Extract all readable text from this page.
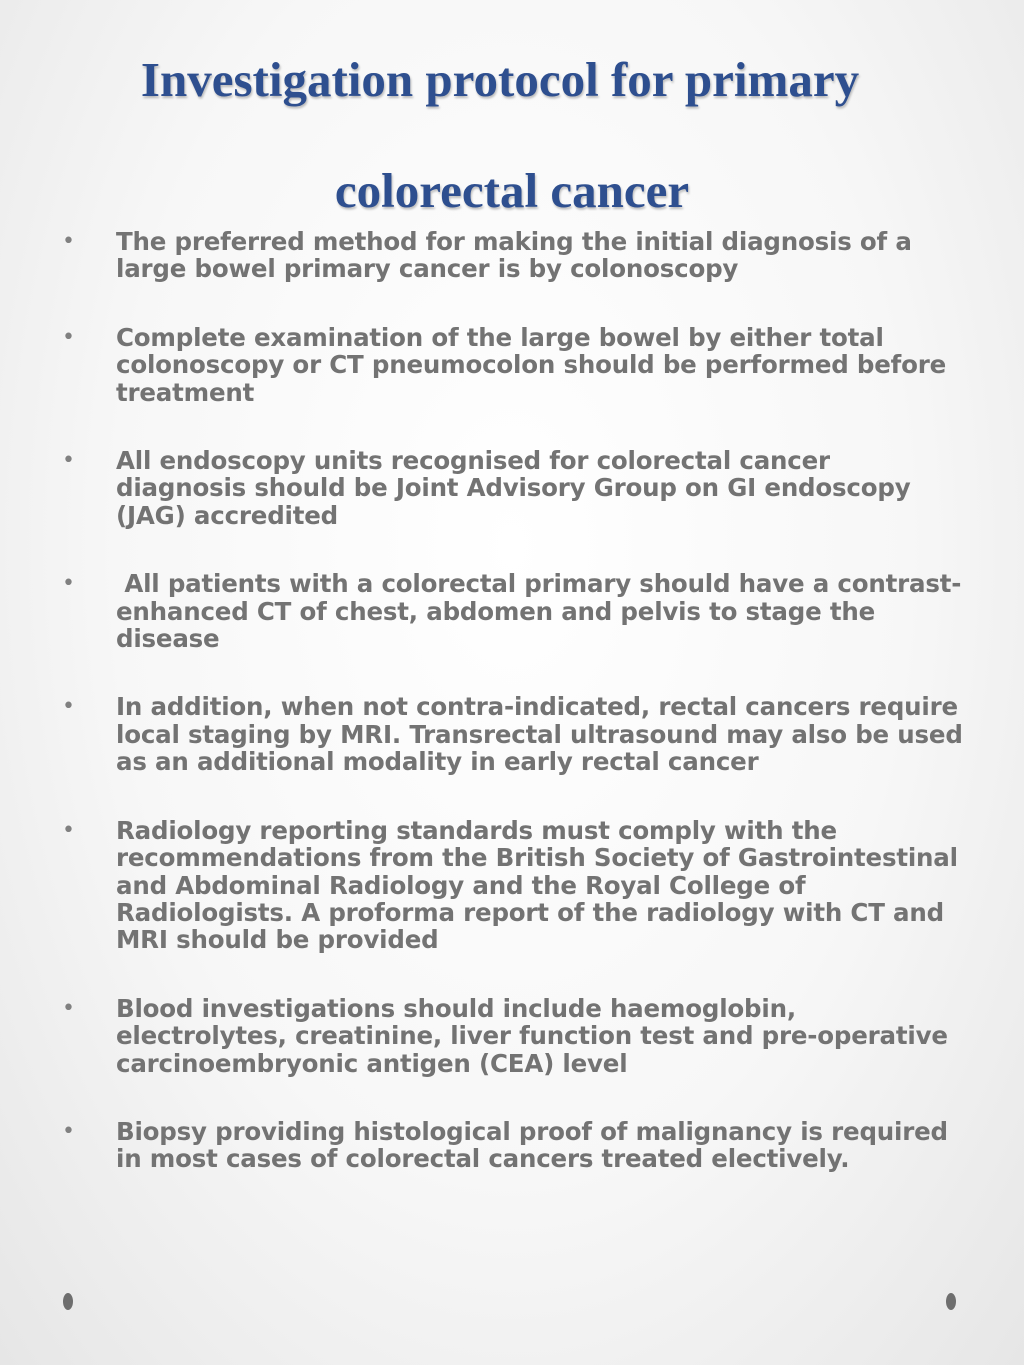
Investigation protocol for primary
colorectal cancer
• The preferred method for making the initial diagnosis of a large bowel primary cancer is by colonoscopy
• Complete examination of the large bowel by either total colonoscopy or CT pneumocolon should be performed before treatment
• All endoscopy units recognised for colorectal cancer diagnosis should be Joint Advisory Group on GI endoscopy (JAG) accredited
• All patients with a colorectal primary should have a contrast-enhanced CT of chest, abdomen and pelvis to stage the disease
• In addition, when not contra-indicated, rectal cancers require local staging by MRI. Transrectal ultrasound may also be used as an additional modality in early rectal cancer
• Radiology reporting standards must comply with the recommendations from the British Society of Gastrointestinal and Abdominal Radiology and the Royal College of Radiologists. A proforma report of the radiology with CT and MRI should be provided
• Blood investigations should include haemoglobin, electrolytes, creatinine, liver function test and pre-operative carcinoembryonic antigen (CEA) level
• Biopsy providing histological proof of malignancy is required in most cases of colorectal cancers treated electively.
